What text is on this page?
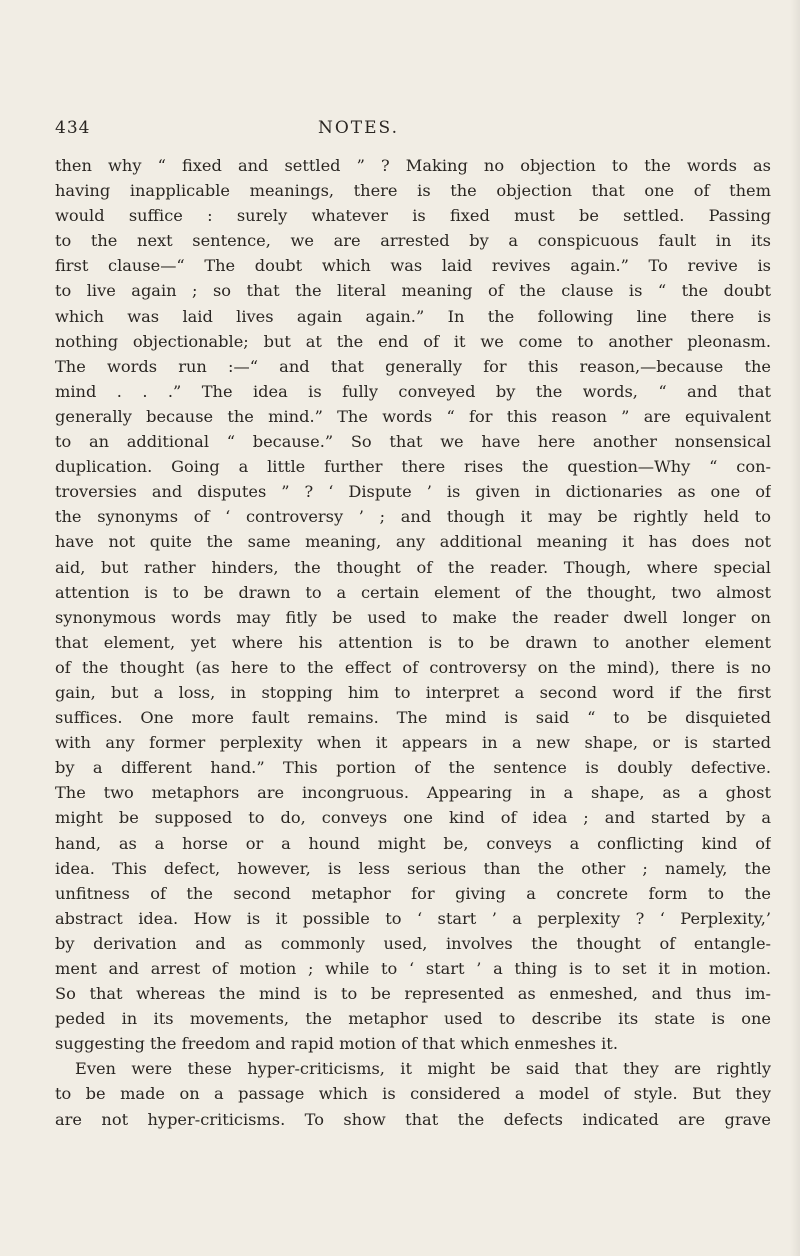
434	NOTES.
then why “ fixed and settled ” ? Making no objection to the words as
having inapplicable meanings, there is the objection that one of them
would suffice : surely whatever is fixed must be settled. Passing
to the next sentence, we are arrested by a conspicuous fault in its
first clause—“ The doubt which was laid revives again.” To revive is
to live again ; so that the literal meaning of the clause is “ the doubt
which was laid lives again again.” In the following line there is
nothing objectionable; but at the end of it we come to another pleonasm.
The words run :—“ and that generally for this reason,—because the
mind . . .” The idea is fully conveyed by the words, “ and that
generally because the mind.” The words “ for this reason ” are equivalent
to an additional “ because.” So that we have here another nonsensical
duplication. Going a little further there rises the question—Why “ con-
troversies and disputes ” ? ‘ Dispute ’ is given in dictionaries as one of
the synonyms of ‘ controversy ’ ; and though it may be rightly held to
have not quite the same meaning, any additional meaning it has does not
aid, but rather hinders, the thought of the reader. Though, where special
attention is to be drawn to a certain element of the thought, two almost
synonymous words may fitly be used to make the reader dwell longer on
that element, yet where his attention is to be drawn to another element
of the thought (as here to the effect of controversy on the mind), there is no
gain, but a loss, in stopping him to interpret a second word if the first
suffices. One more fault remains. The mind is said “ to be disquieted
with any former perplexity when it appears in a new shape, or is started
by a different hand.” This portion of the sentence is doubly defective.
The two metaphors are incongruous. Appearing in a shape, as a ghost
might be supposed to do, conveys one kind of idea ; and started by a
hand, as a horse or a hound might be, conveys a conflicting kind of
idea. This defect, however, is less serious than the other ; namely, the
unfitness of the second metaphor for giving a concrete form to the
abstract idea. How is it possible to ‘ start ’ a perplexity ? ‘ Perplexity,’
by derivation and as commonly used, involves the thought of entangle-
ment and arrest of motion ; while to ‘ start ’ a thing is to set it in motion.
So that whereas the mind is to be represented as enmeshed, and thus im-
peded in its movements, the metaphor used to describe its state is one
suggesting the freedom and rapid motion of that which enmeshes it.
Even were these hyper-criticisms, it might be said that they are rightly
to be made on a passage which is considered a model of style. But they
are not hyper-criticisms. To show that the defects indicated are grave
